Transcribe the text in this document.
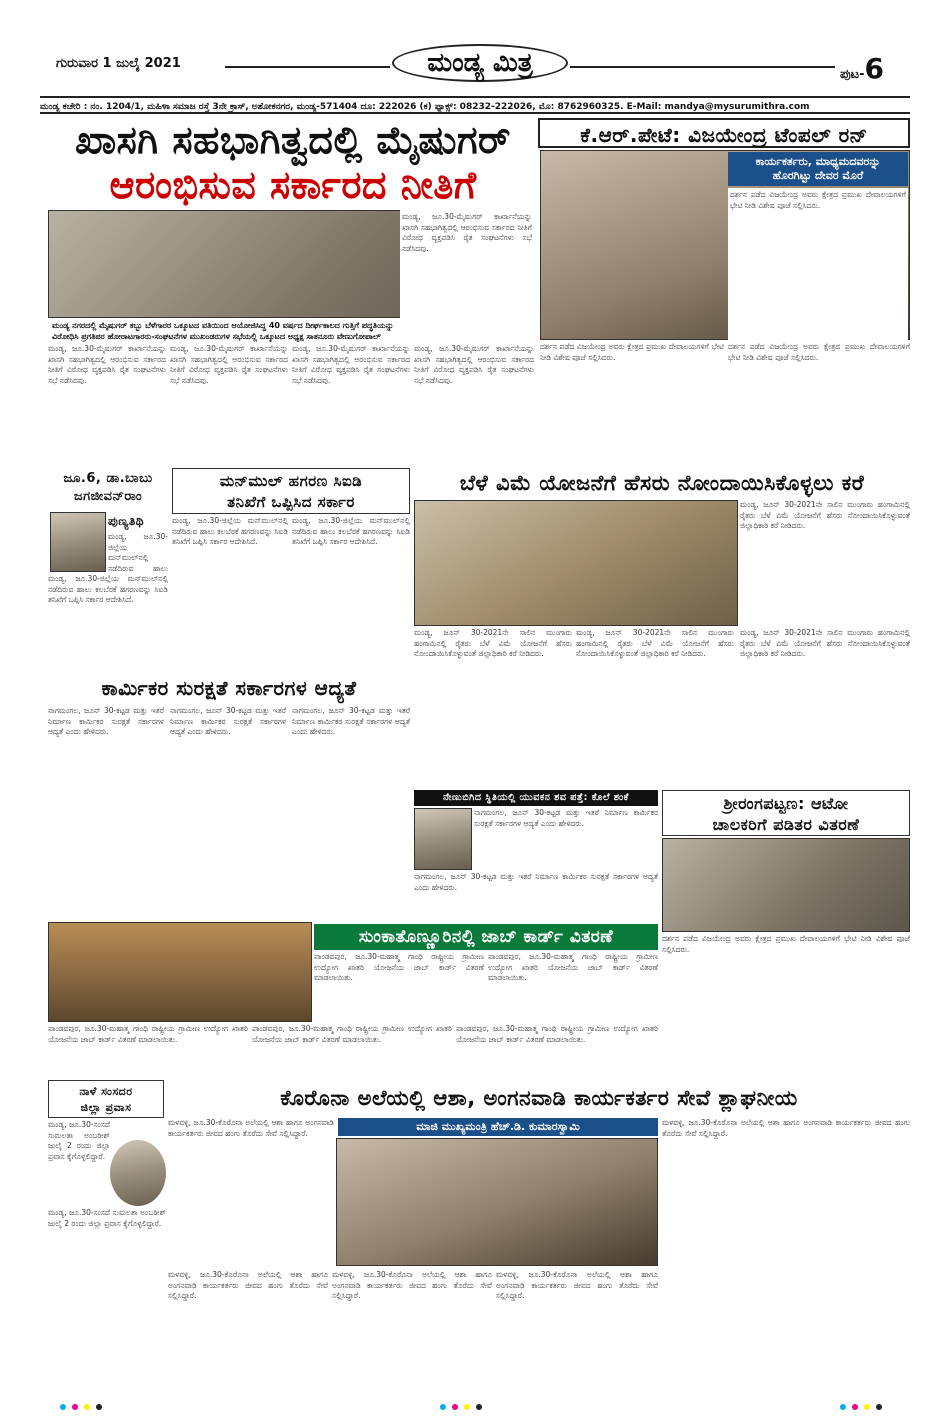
ಗುರುವಾರ 1 ಜುಲೈ 2021	ಮಂಡ್ಯ ಮಿತ್ರ	ಪುಟ-6
ಮಂಡ್ಯ ಕಚೇರಿ : ನಂ. 1204/1, ಮಹಿಳಾ ಸಮಾಜ ರಸ್ತೆ 3ನೇ ಕ್ರಾಸ್, ಅಶೋಕನಗರ, ಮಂಡ್ಯ-571404 ದೂ: 222026 (ಕ) ಫ್ಯಾಕ್ಸ್: 08232-222026, ಮೊ: 8762960325. E-Mail: mandya@mysurumithra.com
ಖಾಸಗಿ ಸಹಭಾಗಿತ್ವದಲ್ಲಿ ಮೈಷುಗರ್
ಆರಂಭಿಸುವ ಸರ್ಕಾರದ ನೀತಿಗೆ
ಮಂಡ್ಯ ನಗರದಲ್ಲಿ ಮೈಷುಗರ್ ಕಬ್ಬು ಬೆಳೆಗಾರರ ಒಕ್ಕೂಟದ ವತಿಯಿಂದ ಆಯೋಜಿಸಿದ್ದ 40 ವರ್ಷದ ದೀರ್ಘಕಾಲದ ಗುತ್ತಿಗೆ ಪದ್ಧತಿಯನ್ನು ವಿರೋಧಿಸಿ ಪ್ರಗತಿಪರ ಹೋರಾಟಗಾರರು-ಸಂಘಟನೆಗಳ ಮುಖಂಡರುಗಳ ಸಭೆಯಲ್ಲಿ ಒಕ್ಕೂಟದ ಅಧ್ಯಕ್ಷ ಸಾತನೂರು ವೇಣುಗೋಪಾಲ್
ಮಂಡ್ಯ, ಜೂ.30-ಮೈಷುಗರ್ ಕಾರ್ಖಾನೆಯನ್ನು ಖಾಸಗಿ ಸಹಭಾಗಿತ್ವದಲ್ಲಿ ಆರಂಭಿಸುವ ಸರ್ಕಾರದ ನೀತಿಗೆ ವಿರೋಧ ವ್ಯಕ್ತಪಡಿಸಿ ರೈತ ಸಂಘಟನೆಗಳು ಸಭೆ ನಡೆಸಿದವು.
ಮಂಡ್ಯ, ಜೂ.30-ಮೈಷುಗರ್ ಕಾರ್ಖಾನೆಯನ್ನು ಖಾಸಗಿ ಸಹಭಾಗಿತ್ವದಲ್ಲಿ ಆರಂಭಿಸುವ ಸರ್ಕಾರದ ನೀತಿಗೆ ವಿರೋಧ ವ್ಯಕ್ತಪಡಿಸಿ ರೈತ ಸಂಘಟನೆಗಳು ಸಭೆ ನಡೆಸಿದವು.
ಮಂಡ್ಯ, ಜೂ.30-ಮೈಷುಗರ್ ಕಾರ್ಖಾನೆಯನ್ನು ಖಾಸಗಿ ಸಹಭಾಗಿತ್ವದಲ್ಲಿ ಆರಂಭಿಸುವ ಸರ್ಕಾರದ ನೀತಿಗೆ ವಿರೋಧ ವ್ಯಕ್ತಪಡಿಸಿ ರೈತ ಸಂಘಟನೆಗಳು ಸಭೆ ನಡೆಸಿದವು.
ಮಂಡ್ಯ, ಜೂ.30-ಮೈಷುಗರ್ ಕಾರ್ಖಾನೆಯನ್ನು ಖಾಸಗಿ ಸಹಭಾಗಿತ್ವದಲ್ಲಿ ಆರಂಭಿಸುವ ಸರ್ಕಾರದ ನೀತಿಗೆ ವಿರೋಧ ವ್ಯಕ್ತಪಡಿಸಿ ರೈತ ಸಂಘಟನೆಗಳು ಸಭೆ ನಡೆಸಿದವು.
ಮಂಡ್ಯ, ಜೂ.30-ಮೈಷುಗರ್ ಕಾರ್ಖಾನೆಯನ್ನು ಖಾಸಗಿ ಸಹಭಾಗಿತ್ವದಲ್ಲಿ ಆರಂಭಿಸುವ ಸರ್ಕಾರದ ನೀತಿಗೆ ವಿರೋಧ ವ್ಯಕ್ತಪಡಿಸಿ ರೈತ ಸಂಘಟನೆಗಳು ಸಭೆ ನಡೆಸಿದವು.
ಕೆ.ಆರ್.ಪೇಟೆ: ವಿಜಯೇಂದ್ರ ಟೆಂಪಲ್ ರನ್
ಕಾರ್ಯಕರ್ತರು, ಮಾಧ್ಯಮದವರನ್ನು
ಹೊರಗಿಟ್ಟು ದೇವರ ಮೊರೆ
ದರ್ಶನ ಪಡೆದ ವಿಜಯೇಂದ್ರ ಅವರು ಕ್ಷೇತ್ರದ ಪ್ರಮುಖ ದೇವಾಲಯಗಳಿಗೆ ಭೇಟಿ ನೀಡಿ ವಿಶೇಷ ಪೂಜೆ ಸಲ್ಲಿಸಿದರು.
ದರ್ಶನ ಪಡೆದ ವಿಜಯೇಂದ್ರ ಅವರು ಕ್ಷೇತ್ರದ ಪ್ರಮುಖ ದೇವಾಲಯಗಳಿಗೆ ಭೇಟಿ ನೀಡಿ ವಿಶೇಷ ಪೂಜೆ ಸಲ್ಲಿಸಿದರು.
ದರ್ಶನ ಪಡೆದ ವಿಜಯೇಂದ್ರ ಅವರು ಕ್ಷೇತ್ರದ ಪ್ರಮುಖ ದೇವಾಲಯಗಳಿಗೆ ಭೇಟಿ ನೀಡಿ ವಿಶೇಷ ಪೂಜೆ ಸಲ್ಲಿಸಿದರು.
ಜೂ.6, ಡಾ.ಬಾಬು
ಜಗಜೀವನ್‌ರಾಂ
ಪುಣ್ಯತಿಥಿ
ಮಂಡ್ಯ, ಜೂ.30-ಜಿಲ್ಲೆಯ ಮನ್‌ಮುಲ್‌ನಲ್ಲಿ ನಡೆದಿರುವ ಹಾಲು
ಮಂಡ್ಯ, ಜೂ.30-ಜಿಲ್ಲೆಯ ಮನ್‌ಮುಲ್‌ನಲ್ಲಿ ನಡೆದಿರುವ ಹಾಲು ಕಲಬೆರಕೆ ಹಗರಣವನ್ನು ಸಿಐಡಿ ತನಿಖೆಗೆ ಒಪ್ಪಿಸಿ ಸರ್ಕಾರ ಆದೇಶಿಸಿದೆ.
ಮನ್‌ಮುಲ್ ಹಗರಣ ಸಿಐಡಿ
ತನಿಖೆಗೆ ಒಪ್ಪಿಸಿದ ಸರ್ಕಾರ
ಮಂಡ್ಯ, ಜೂ.30-ಜಿಲ್ಲೆಯ ಮನ್‌ಮುಲ್‌ನಲ್ಲಿ ನಡೆದಿರುವ ಹಾಲು ಕಲಬೆರಕೆ ಹಗರಣವನ್ನು ಸಿಐಡಿ ತನಿಖೆಗೆ ಒಪ್ಪಿಸಿ ಸರ್ಕಾರ ಆದೇಶಿಸಿದೆ.
ಮಂಡ್ಯ, ಜೂ.30-ಜಿಲ್ಲೆಯ ಮನ್‌ಮುಲ್‌ನಲ್ಲಿ ನಡೆದಿರುವ ಹಾಲು ಕಲಬೆರಕೆ ಹಗರಣವನ್ನು ಸಿಐಡಿ ತನಿಖೆಗೆ ಒಪ್ಪಿಸಿ ಸರ್ಕಾರ ಆದೇಶಿಸಿದೆ.
ಬೆಳೆ ವಿಮೆ ಯೋಜನೆಗೆ ಹೆಸರು ನೋಂದಾಯಿಸಿಕೊಳ್ಳಲು ಕರೆ
ಮಂಡ್ಯ, ಜೂನ್ 30-2021ನೇ ಸಾಲಿನ ಮುಂಗಾರು ಹಂಗಾಮಿನಲ್ಲಿ ರೈತರು ಬೆಳೆ ವಿಮೆ ಯೋಜನೆಗೆ ಹೆಸರು ನೋಂದಾಯಿಸಿಕೊಳ್ಳುವಂತೆ ಜಿಲ್ಲಾಧಿಕಾರಿ ಕರೆ ನೀಡಿದರು.
ಮಂಡ್ಯ, ಜೂನ್ 30-2021ನೇ ಸಾಲಿನ ಮುಂಗಾರು ಹಂಗಾಮಿನಲ್ಲಿ ರೈತರು ಬೆಳೆ ವಿಮೆ ಯೋಜನೆಗೆ ಹೆಸರು ನೋಂದಾಯಿಸಿಕೊಳ್ಳುವಂತೆ ಜಿಲ್ಲಾಧಿಕಾರಿ ಕರೆ ನೀಡಿದರು.
ಮಂಡ್ಯ, ಜೂನ್ 30-2021ನೇ ಸಾಲಿನ ಮುಂಗಾರು ಹಂಗಾಮಿನಲ್ಲಿ ರೈತರು ಬೆಳೆ ವಿಮೆ ಯೋಜನೆಗೆ ಹೆಸರು ನೋಂದಾಯಿಸಿಕೊಳ್ಳುವಂತೆ ಜಿಲ್ಲಾಧಿಕಾರಿ ಕರೆ ನೀಡಿದರು.
ಮಂಡ್ಯ, ಜೂನ್ 30-2021ನೇ ಸಾಲಿನ ಮುಂಗಾರು ಹಂಗಾಮಿನಲ್ಲಿ ರೈತರು ಬೆಳೆ ವಿಮೆ ಯೋಜನೆಗೆ ಹೆಸರು ನೋಂದಾಯಿಸಿಕೊಳ್ಳುವಂತೆ ಜಿಲ್ಲಾಧಿಕಾರಿ ಕರೆ ನೀಡಿದರು.
ಕಾರ್ಮಿಕರ ಸುರಕ್ಷತೆ ಸರ್ಕಾರಗಳ ಆದ್ಯತೆ
ನಾಗಮಂಗಲ, ಜೂನ್ 30-ಕಟ್ಟಡ ಮತ್ತು ಇತರೆ ನಿರ್ಮಾಣ ಕಾರ್ಮಿಕರ ಸುರಕ್ಷತೆ ಸರ್ಕಾರಗಳ ಆದ್ಯತೆ ಎಂದು ಹೇಳಿದರು.
ನಾಗಮಂಗಲ, ಜೂನ್ 30-ಕಟ್ಟಡ ಮತ್ತು ಇತರೆ ನಿರ್ಮಾಣ ಕಾರ್ಮಿಕರ ಸುರಕ್ಷತೆ ಸರ್ಕಾರಗಳ ಆದ್ಯತೆ ಎಂದು ಹೇಳಿದರು.
ನಾಗಮಂಗಲ, ಜೂನ್ 30-ಕಟ್ಟಡ ಮತ್ತು ಇತರೆ ನಿರ್ಮಾಣ ಕಾರ್ಮಿಕರ ಸುರಕ್ಷತೆ ಸರ್ಕಾರಗಳ ಆದ್ಯತೆ ಎಂದು ಹೇಳಿದರು.
ನೇಣುಬಿಗಿದ ಸ್ಥಿತಿಯಲ್ಲಿ ಯುವಕನ ಶವ ಪತ್ತೆ: ಕೊಲೆ ಶಂಕೆ
ನಾಗಮಂಗಲ, ಜೂನ್ 30-ಕಟ್ಟಡ ಮತ್ತು ಇತರೆ ನಿರ್ಮಾಣ ಕಾರ್ಮಿಕರ ಸುರಕ್ಷತೆ ಸರ್ಕಾರಗಳ ಆದ್ಯತೆ ಎಂದು ಹೇಳಿದರು.
ನಾಗಮಂಗಲ, ಜೂನ್ 30-ಕಟ್ಟಡ ಮತ್ತು ಇತರೆ ನಿರ್ಮಾಣ ಕಾರ್ಮಿಕರ ಸುರಕ್ಷತೆ ಸರ್ಕಾರಗಳ ಆದ್ಯತೆ ಎಂದು ಹೇಳಿದರು.
ಶ್ರೀರಂಗಪಟ್ಟಣ: ಆಟೋ
ಚಾಲಕರಿಗೆ ಪಡಿತರ ವಿತರಣೆ
ದರ್ಶನ ಪಡೆದ ವಿಜಯೇಂದ್ರ ಅವರು ಕ್ಷೇತ್ರದ ಪ್ರಮುಖ ದೇವಾಲಯಗಳಿಗೆ ಭೇಟಿ ನೀಡಿ ವಿಶೇಷ ಪೂಜೆ ಸಲ್ಲಿಸಿದರು.
ಸುಂಕಾತೊಣ್ಣೂರಿನಲ್ಲಿ ಜಾಬ್ ಕಾರ್ಡ್ ವಿತರಣೆ
ಪಾಂಡವಪುರ, ಜೂ.30-ಮಹಾತ್ಮ ಗಾಂಧಿ ರಾಷ್ಟ್ರೀಯ ಗ್ರಾಮೀಣ ಉದ್ಯೋಗ ಖಾತರಿ ಯೋಜನೆಯ ಜಾಬ್ ಕಾರ್ಡ್ ವಿತರಣೆ ಮಾಡಲಾಯಿತು.
ಪಾಂಡವಪುರ, ಜೂ.30-ಮಹಾತ್ಮ ಗಾಂಧಿ ರಾಷ್ಟ್ರೀಯ ಗ್ರಾಮೀಣ ಉದ್ಯೋಗ ಖಾತರಿ ಯೋಜನೆಯ ಜಾಬ್ ಕಾರ್ಡ್ ವಿತರಣೆ ಮಾಡಲಾಯಿತು.
ಪಾಂಡವಪುರ, ಜೂ.30-ಮಹಾತ್ಮ ಗಾಂಧಿ ರಾಷ್ಟ್ರೀಯ ಗ್ರಾಮೀಣ ಉದ್ಯೋಗ ಖಾತರಿ ಯೋಜನೆಯ ಜಾಬ್ ಕಾರ್ಡ್ ವಿತರಣೆ ಮಾಡಲಾಯಿತು.
ಪಾಂಡವಪುರ, ಜೂ.30-ಮಹಾತ್ಮ ಗಾಂಧಿ ರಾಷ್ಟ್ರೀಯ ಗ್ರಾಮೀಣ ಉದ್ಯೋಗ ಖಾತರಿ ಯೋಜನೆಯ ಜಾಬ್ ಕಾರ್ಡ್ ವಿತರಣೆ ಮಾಡಲಾಯಿತು.
ಪಾಂಡವಪುರ, ಜೂ.30-ಮಹಾತ್ಮ ಗಾಂಧಿ ರಾಷ್ಟ್ರೀಯ ಗ್ರಾಮೀಣ ಉದ್ಯೋಗ ಖಾತರಿ ಯೋಜನೆಯ ಜಾಬ್ ಕಾರ್ಡ್ ವಿತರಣೆ ಮಾಡಲಾಯಿತು.
ನಾಳೆ ಸಂಸದರ
ಜಿಲ್ಲಾ ಪ್ರವಾಸ
ಮಂಡ್ಯ, ಜೂ.30-ಸಂಸದೆ ಸುಮಲತಾ ಅಂಬರೀಶ್ ಜುಲೈ 2 ರಂದು ಜಿಲ್ಲಾ ಪ್ರವಾಸ ಕೈಗೊಳ್ಳಲಿದ್ದಾರೆ.
ಮಂಡ್ಯ, ಜೂ.30-ಸಂಸದೆ ಸುಮಲತಾ ಅಂಬರೀಶ್ ಜುಲೈ 2 ರಂದು ಜಿಲ್ಲಾ ಪ್ರವಾಸ ಕೈಗೊಳ್ಳಲಿದ್ದಾರೆ.
ಕೊರೊನಾ ಅಲೆಯಲ್ಲಿ ಆಶಾ, ಅಂಗನವಾಡಿ ಕಾರ್ಯಕರ್ತರ ಸೇವೆ ಶ್ಲಾಘನೀಯ
ಮಾಜಿ ಮುಖ್ಯಮಂತ್ರಿ ಹೆಚ್.ಡಿ. ಕುಮಾರಸ್ವಾಮಿ
ಮಳವಳ್ಳಿ, ಜೂ.30-ಕೊರೊನಾ ಅಲೆಯಲ್ಲಿ ಆಶಾ ಹಾಗೂ ಅಂಗನವಾಡಿ ಕಾರ್ಯಕರ್ತರು ಜೀವದ ಹಂಗು ತೊರೆದು ಸೇವೆ ಸಲ್ಲಿಸಿದ್ದಾರೆ.
ಮಳವಳ್ಳಿ, ಜೂ.30-ಕೊರೊನಾ ಅಲೆಯಲ್ಲಿ ಆಶಾ ಹಾಗೂ ಅಂಗನವಾಡಿ ಕಾರ್ಯಕರ್ತರು ಜೀವದ ಹಂಗು ತೊರೆದು ಸೇವೆ ಸಲ್ಲಿಸಿದ್ದಾರೆ.
ಮಳವಳ್ಳಿ, ಜೂ.30-ಕೊರೊನಾ ಅಲೆಯಲ್ಲಿ ಆಶಾ ಹಾಗೂ ಅಂಗನವಾಡಿ ಕಾರ್ಯಕರ್ತರು ಜೀವದ ಹಂಗು ತೊರೆದು ಸೇವೆ ಸಲ್ಲಿಸಿದ್ದಾರೆ.
ಮಳವಳ್ಳಿ, ಜೂ.30-ಕೊರೊನಾ ಅಲೆಯಲ್ಲಿ ಆಶಾ ಹಾಗೂ ಅಂಗನವಾಡಿ ಕಾರ್ಯಕರ್ತರು ಜೀವದ ಹಂಗು ತೊರೆದು ಸೇವೆ ಸಲ್ಲಿಸಿದ್ದಾರೆ.
ಮಳವಳ್ಳಿ, ಜೂ.30-ಕೊರೊನಾ ಅಲೆಯಲ್ಲಿ ಆಶಾ ಹಾಗೂ ಅಂಗನವಾಡಿ ಕಾರ್ಯಕರ್ತರು ಜೀವದ ಹಂಗು ತೊರೆದು ಸೇವೆ ಸಲ್ಲಿಸಿದ್ದಾರೆ.
